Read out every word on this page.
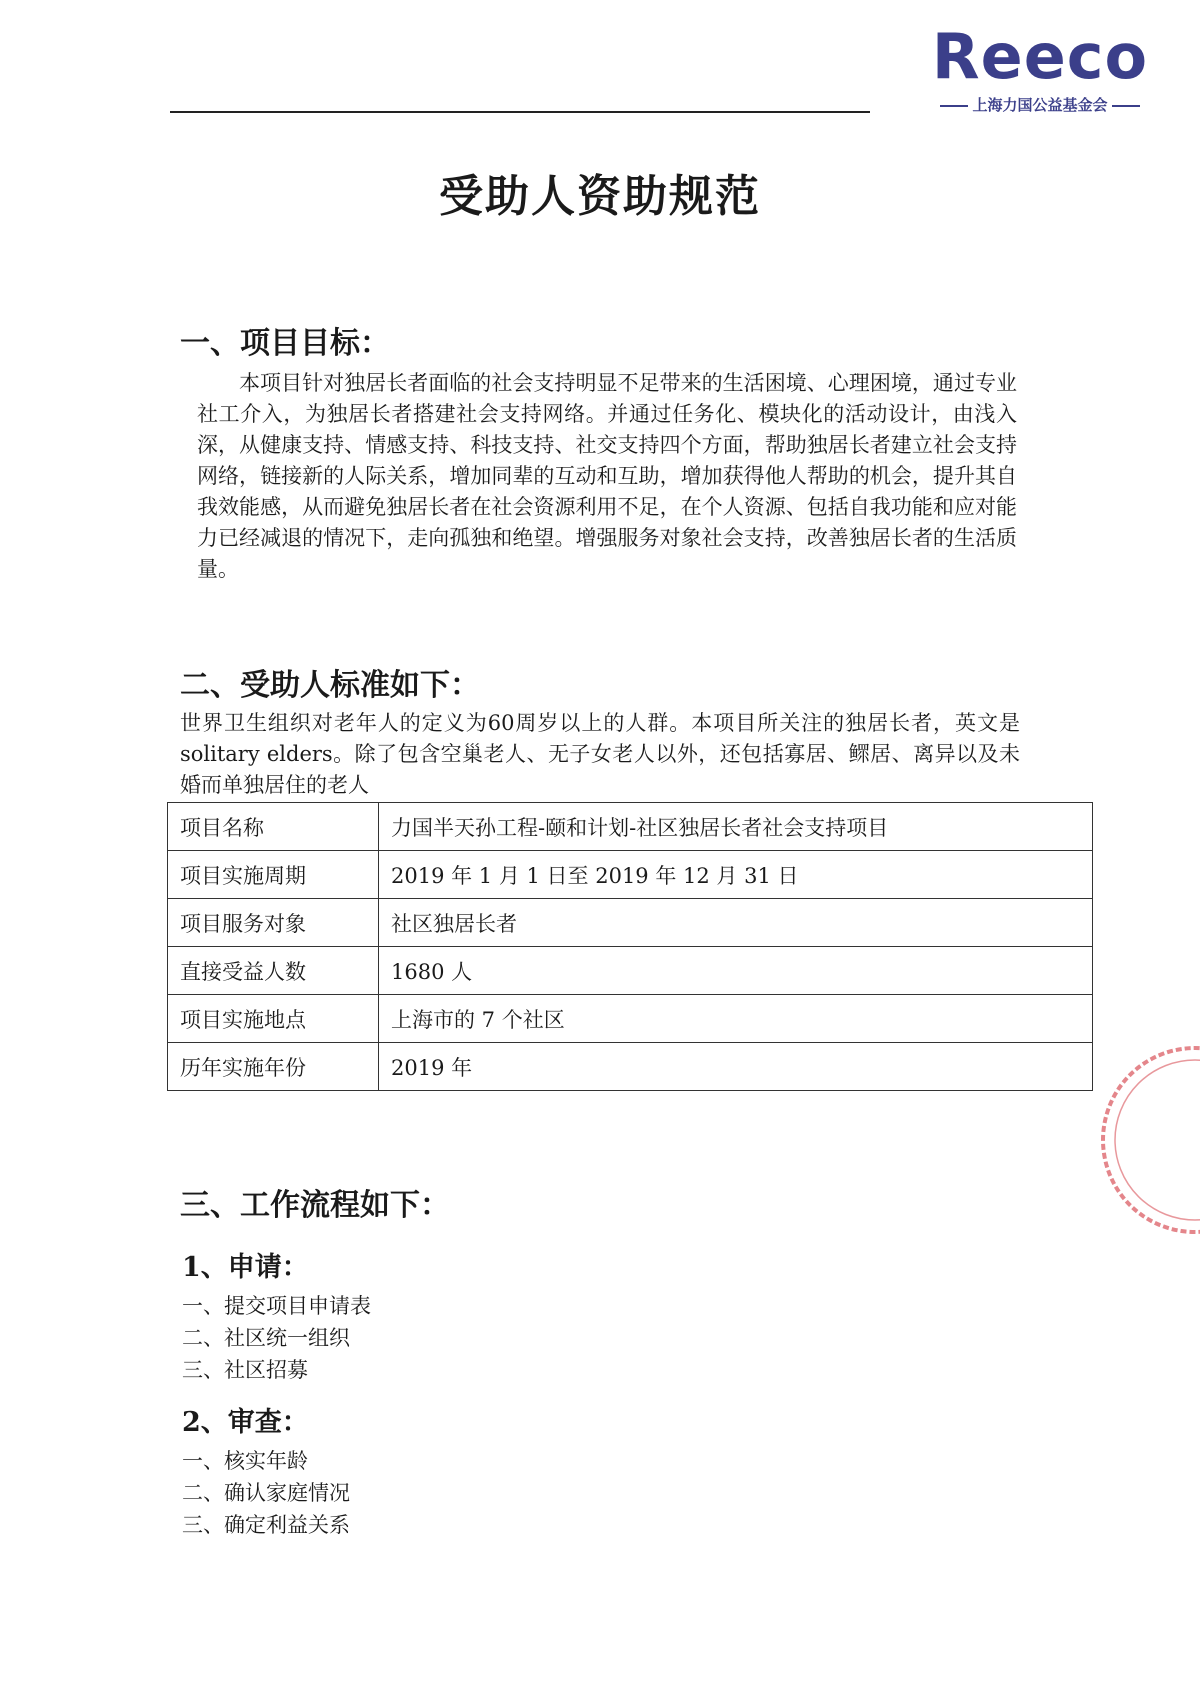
Reeco
上海力国公益基金会
受助人资助规范
一、项目目标：
本项目针对独居长者面临的社会支持明显不足带来的生活困境、心理困境，通过专业社工介入，为独居长者搭建社会支持网络。并通过任务化、模块化的活动设计，由浅入深，从健康支持、情感支持、科技支持、社交支持四个方面，帮助独居长者建立社会支持网络，链接新的人际关系，增加同辈的互动和互助，增加获得他人帮助的机会，提升其自我效能感，从而避免独居长者在社会资源利用不足，在个人资源、包括自我功能和应对能力已经减退的情况下，走向孤独和绝望。增强服务对象社会支持，改善独居长者的生活质量。
二、受助人标准如下：
世界卫生组织对老年人的定义为60周岁以上的人群。本项目所关注的独居长者，英文是 solitary elders。除了包含空巢老人、无子女老人以外，还包括寡居、鳏居、离异以及未婚而单独居住的老人
项目名称	力国半天孙工程-颐和计划-社区独居长者社会支持项目
项目实施周期	2019 年 1 月 1 日至 2019 年 12 月 31 日
项目服务对象	社区独居长者
直接受益人数	1680 人
项目实施地点	上海市的 7 个社区
历年实施年份	2019 年
三、工作流程如下：
1、申请：
一、提交项目申请表
二、社区统一组织
三、社区招募
2、审查：
一、核实年龄
二、确认家庭情况
三、确定利益关系
